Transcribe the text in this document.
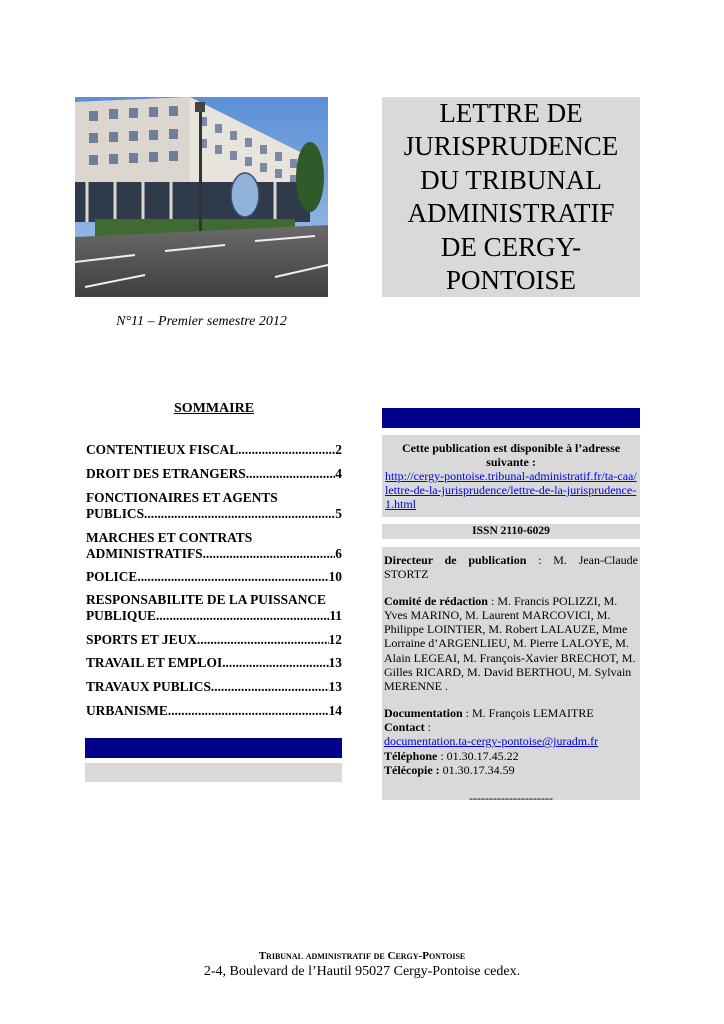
LETTRE DE
JURISPRUDENCE
DU TRIBUNAL
ADMINISTRATIF
DE CERGY-
PONTOISE
N°11 – Premier semestre 2012
SOMMAIRE
CONTENTIEUX FISCAL .....	2
DROIT DES ETRANGERS .....	4
FONCTIONAIRES ET AGENTS
PUBLICS .....	5
MARCHES ET CONTRATS
ADMINISTRATIFS .....	6
POLICE .....	10
RESPONSABILITE DE LA PUISSANCE
PUBLIQUE .....	11
SPORTS ET JEUX .....	12
TRAVAIL ET EMPLOI .....	13
TRAVAUX PUBLICS .....	13
URBANISME .....	14
Cette publication est disponible à l’adresse suivante :
http://cergy-pontoise.tribunal-administratif.fr/ta-caa/lettre-de-la-jurisprudence/lettre-de-la-jurisprudence-1.html
ISSN 2110-6029

Directeur de publication : M. Jean-Claude STORTZ

Comité de rédaction : M. Francis POLIZZI, M. Yves MARINO, M. Laurent MARCOVICI, M. Philippe LOINTIER, M. Robert LALAUZE, Mme Lorraine d’ARGENLIEU, M. Pierre LALOYE, M. Alain LEGEAI, M. François-Xavier BRECHOT, M. Gilles RICARD, M. David BERTHOU, M. Sylvain MERENNE .

Documentation : M. François LEMAITRE
Contact :
documentation.ta-cergy-pontoise@juradm.fr
Téléphone : 01.30.17.45.22
Télécopie : 01.30.17.34.59

---------------------
Tribunal administratif de Cergy-Pontoise
2-4, Boulevard de l’Hautil 95027 Cergy-Pontoise cedex.
